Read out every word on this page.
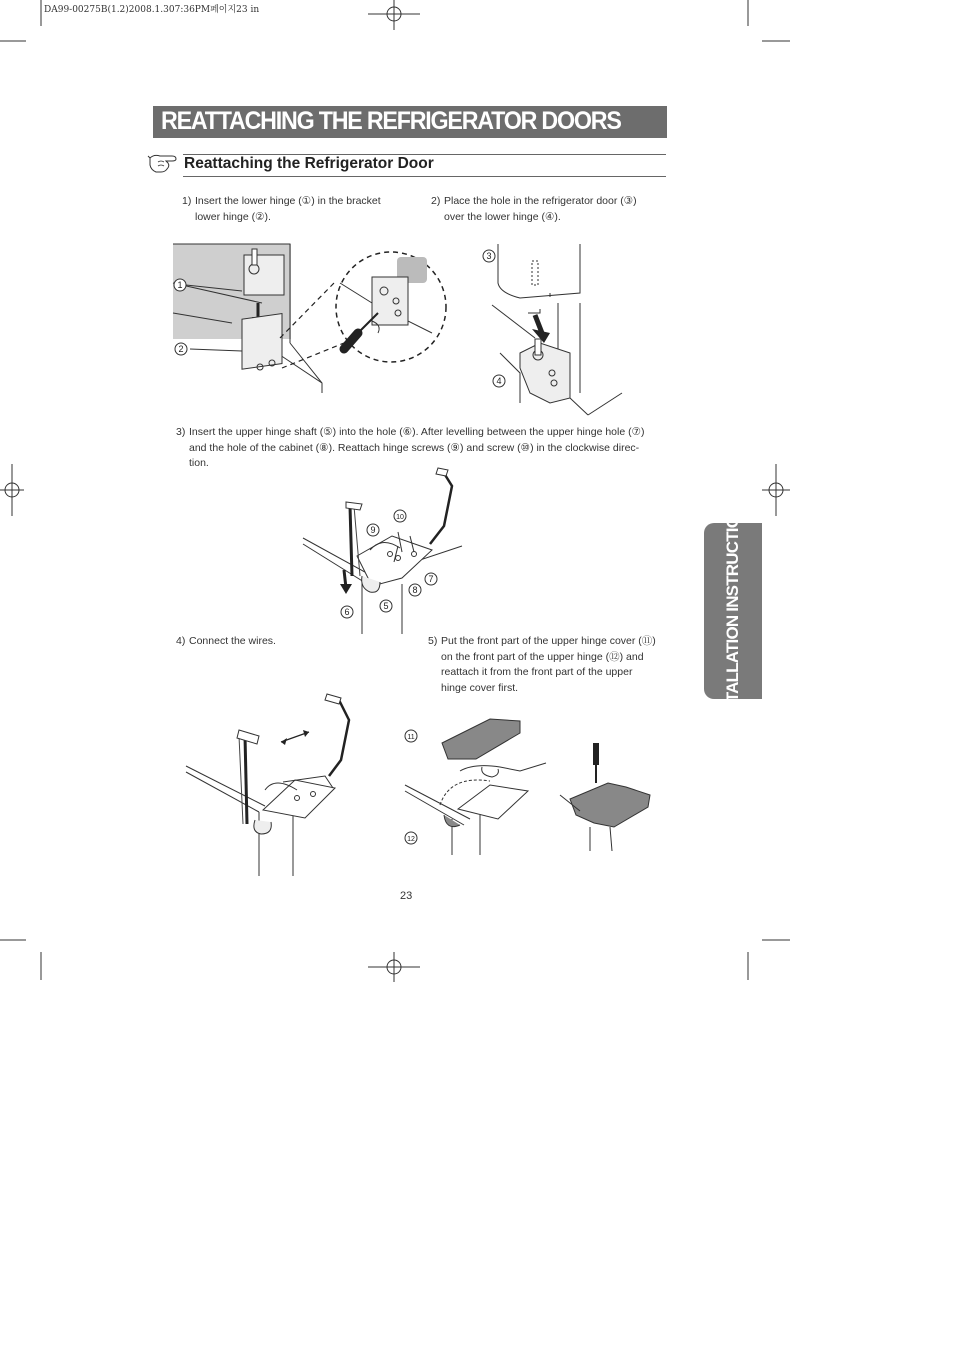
DA99-00275B(1.2)2008.1.307:36PM페이지23 in
REATTACHING THE REFRIGERATOR DOORS
Reattaching the Refrigerator Door
1) Insert the lower hinge (①) in the bracket
lower hinge (②).
2) Place the hole in the refrigerator door (③)
over the lower hinge (④).
1
2
3
4
3) Insert the upper hinge shaft (⑤) into the hole (⑥). After levelling between the upper hinge hole (⑦)
and the hole of the cabinet (⑧). Reattach hinge screws (⑨) and screw (⑩) in the clockwise direc-
tion.
9
10
7
8
5
6
4) Connect the wires.	5) Put the front part of the upper hinge cover (⑪)
on the front part of the upper hinge (⑫) and
reattach it from the front part of the upper
hinge cover first.
11
12
23
INSTALLATION INSTRUCTIONS
